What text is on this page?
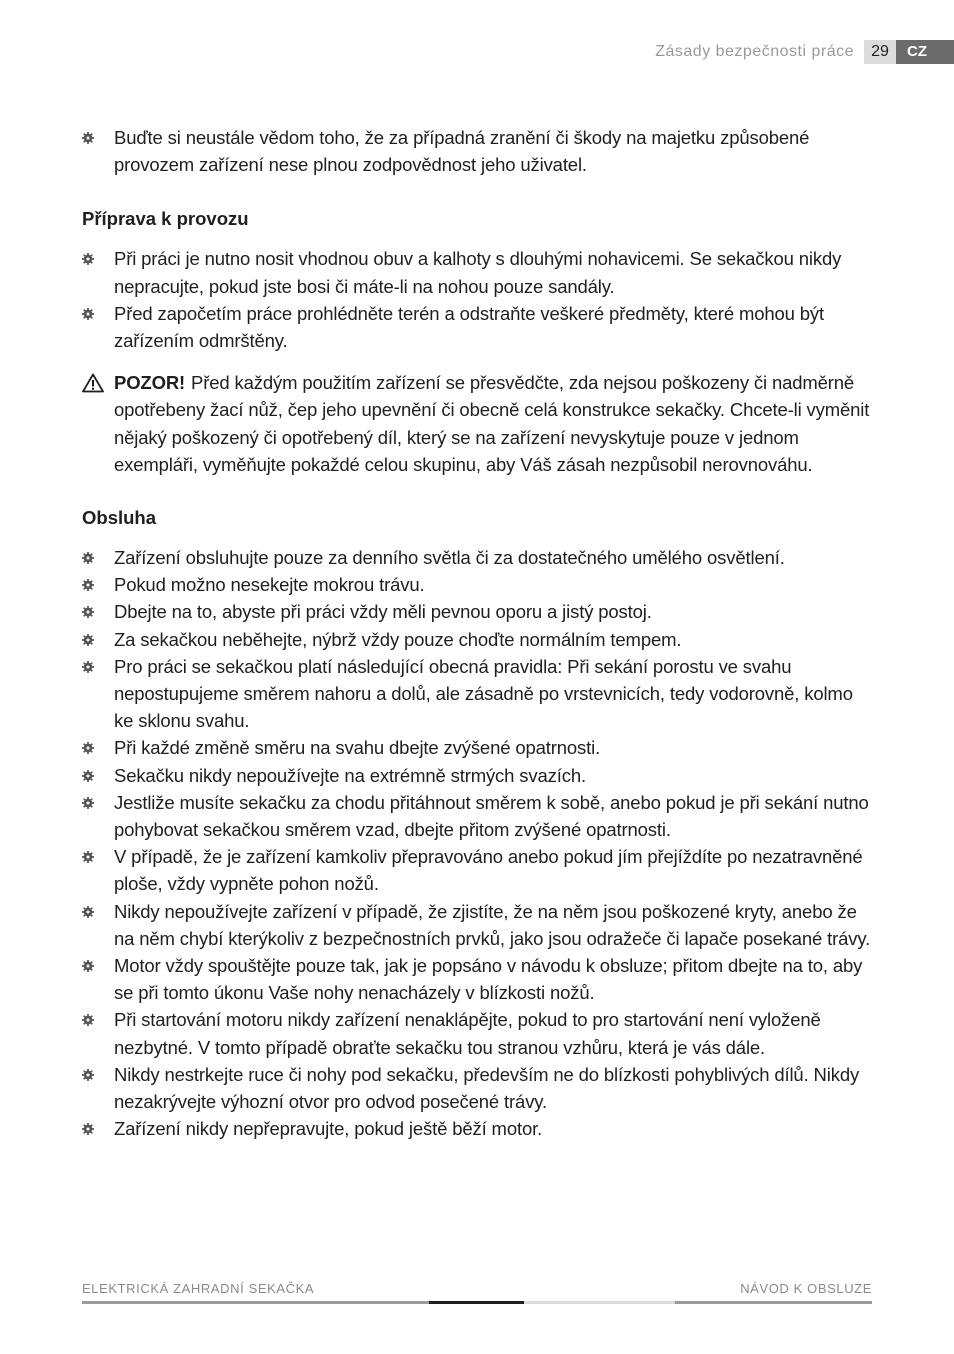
Zásady bezpečnosti práce	29	CZ
Buďte si neustále vědom toho, že za případná zranění či škody na majetku způsobené provozem zařízení nese plnou zodpovědnost jeho uživatel.
Příprava k provozu
Při práci je nutno nosit vhodnou obuv a kalhoty s dlouhými nohavicemi. Se sekačkou nikdy nepracujte, pokud jste bosi či máte-li na nohou pouze sandály.
Před započetím práce prohlédněte terén a odstraňte veškeré předměty, které mohou být zařízením odmrštěny.
POZOR! Před každým použitím zařízení se přesvědčte, zda nejsou poškozeny či nadměrně opotřebeny žací nůž, čep jeho upevnění či obecně celá konstrukce sekačky. Chcete-li vyměnit nějaký poškozený či opotřebený díl, který se na zařízení nevyskytuje pouze v jednom exempláři, vyměňujte pokaždé celou skupinu, aby Váš zásah nezpůsobil nerovnováhu.
Obsluha
Zařízení obsluhujte pouze za denního světla či za dostatečného umělého osvětlení.
Pokud možno nesekejte mokrou trávu.
Dbejte na to, abyste při práci vždy měli pevnou oporu a jistý postoj.
Za sekačkou neběhejte, nýbrž vždy pouze choďte normálním tempem.
Pro práci se sekačkou platí následující obecná pravidla: Při sekání porostu ve svahu nepostupujeme směrem nahoru a dolů, ale zásadně po vrstevnicích, tedy vodorovně, kolmo ke sklonu svahu.
Při každé změně směru na svahu dbejte zvýšené opatrnosti.
Sekačku nikdy nepoužívejte na extrémně strmých svazích.
Jestliže musíte sekačku za chodu přitáhnout směrem k sobě, anebo pokud je při sekání nutno pohybovat sekačkou směrem vzad, dbejte přitom zvýšené opatrnosti.
V případě, že je zařízení kamkoliv přepravováno anebo pokud jím přejíždíte po nezatravněné ploše, vždy vypněte pohon nožů.
Nikdy nepoužívejte zařízení v případě, že zjistíte, že na něm jsou poškozené kryty, anebo že na něm chybí kterýkoliv z bezpečnostních prvků, jako jsou odražeče či lapače posekané trávy.
Motor vždy spouštějte pouze tak, jak je popsáno v návodu k obsluze; přitom dbejte na to, aby se při tomto úkonu Vaše nohy nenacházely v blízkosti nožů.
Při startování motoru nikdy zařízení nenaklápějte, pokud to pro startování není vyloženě nezbytné. V tomto případě obraťte sekačku tou stranou vzhůru, která je vás dále.
Nikdy nestrkejte ruce či nohy pod sekačku, především ne do blízkosti pohyblivých dílů. Nikdy nezakrývejte výhozní otvor pro odvod posečené trávy.
Zařízení nikdy nepřepravujte, pokud ještě běží motor.
ELEKTRICKÁ ZAHRADNÍ SEKAČKA	NÁVOD K OBSLUZE
